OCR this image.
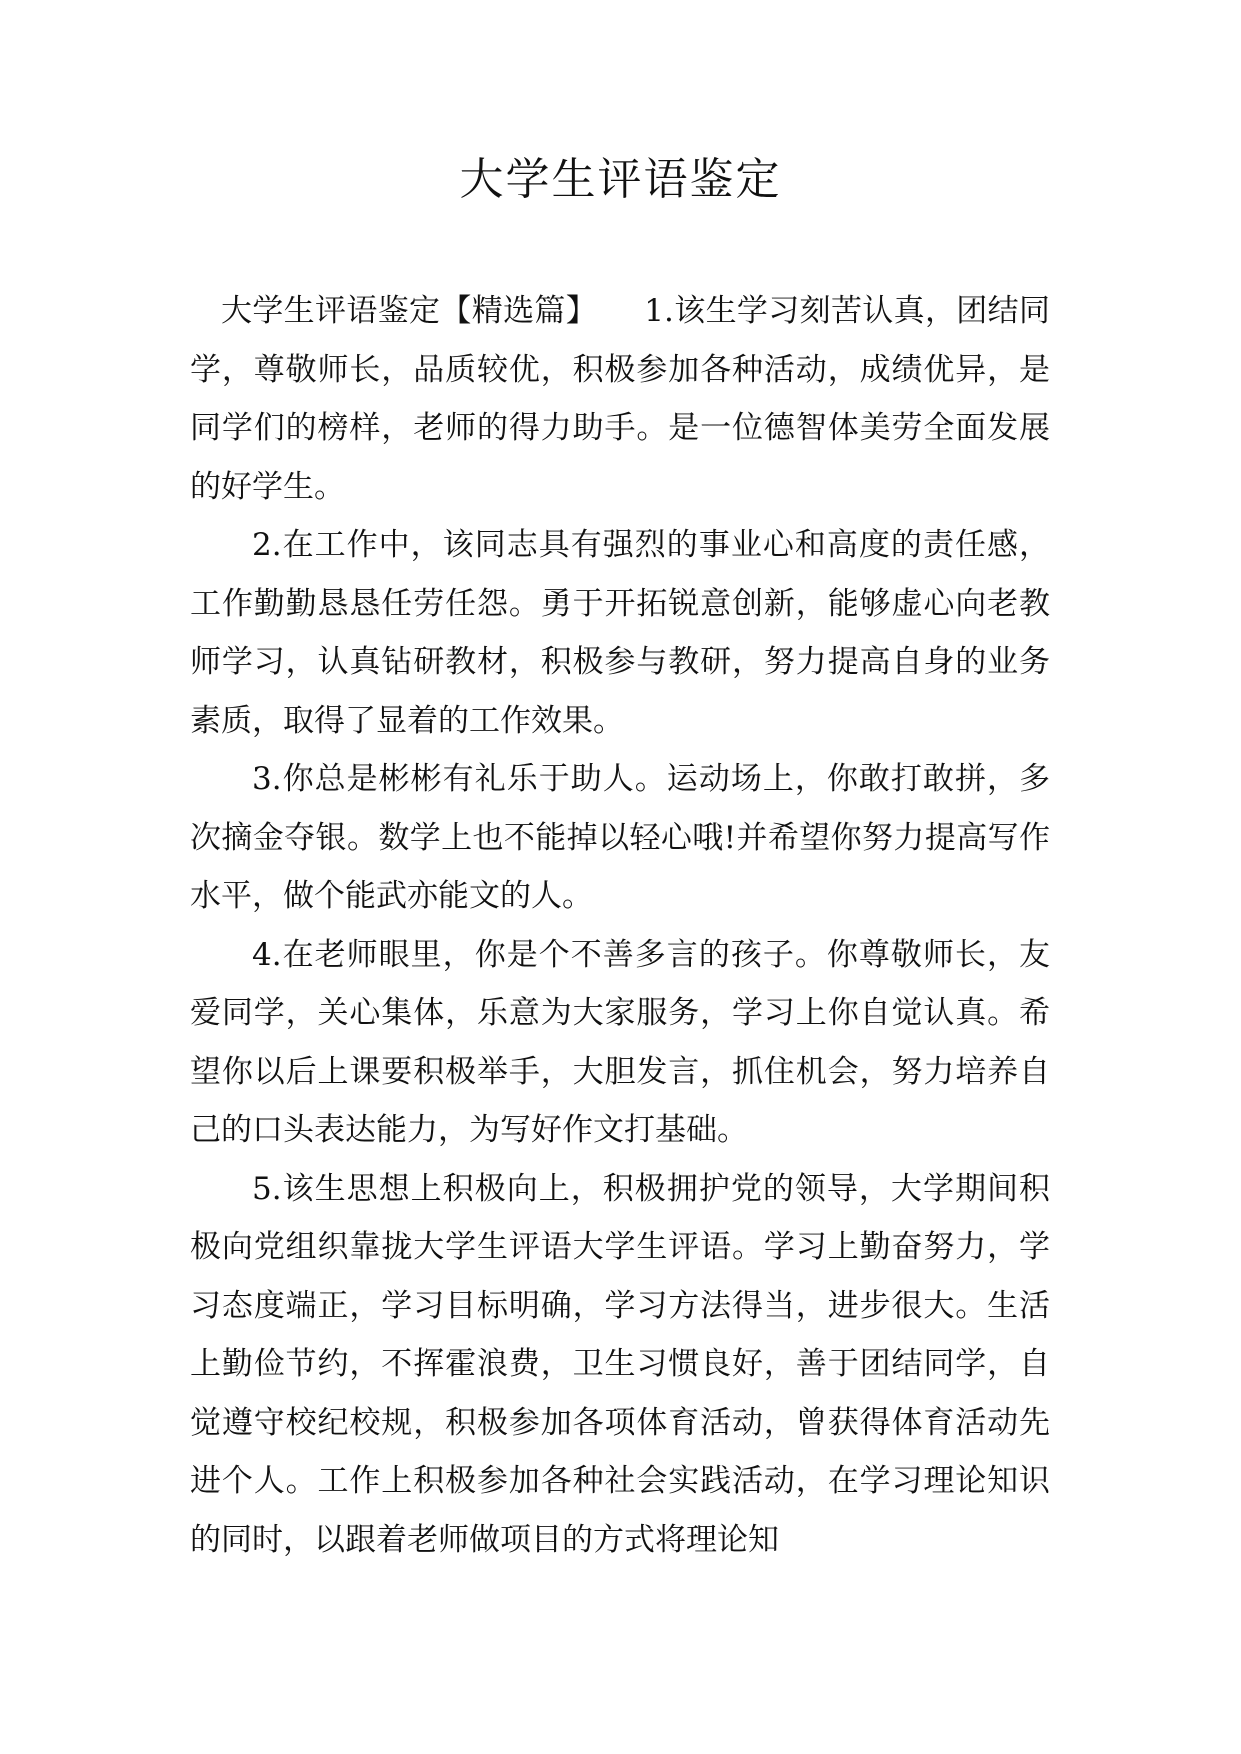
大学生评语鉴定

大学生评语鉴定【精选篇】　　1.该生学习刻苦认真，团结同学，尊敬师长，品质较优，积极参加各种活动，成绩优异，是同学们的榜样，老师的得力助手。是一位德智体美劳全面发展的好学生。

2.在工作中，该同志具有强烈的事业心和高度的责任感，工作勤勤恳恳任劳任怨。勇于开拓锐意创新，能够虚心向老教师学习，认真钻研教材，积极参与教研，努力提高自身的业务素质，取得了显着的工作效果。

3.你总是彬彬有礼乐于助人。运动场上，你敢打敢拼，多次摘金夺银。数学上也不能掉以轻心哦!并希望你努力提高写作水平，做个能武亦能文的人。

4.在老师眼里，你是个不善多言的孩子。你尊敬师长，友爱同学，关心集体，乐意为大家服务，学习上你自觉认真。希望你以后上课要积极举手，大胆发言，抓住机会，努力培养自己的口头表达能力，为写好作文打基础。

5.该生思想上积极向上，积极拥护党的领导，大学期间积极向党组织靠拢大学生评语大学生评语。学习上勤奋努力，学习态度端正，学习目标明确，学习方法得当，进步很大。生活上勤俭节约，不挥霍浪费，卫生习惯良好，善于团结同学，自觉遵守校纪校规，积极参加各项体育活动，曾获得体育活动先进个人。工作上积极参加各种社会实践活动，在学习理论知识的同时，以跟着老师做项目的方式将理论知
